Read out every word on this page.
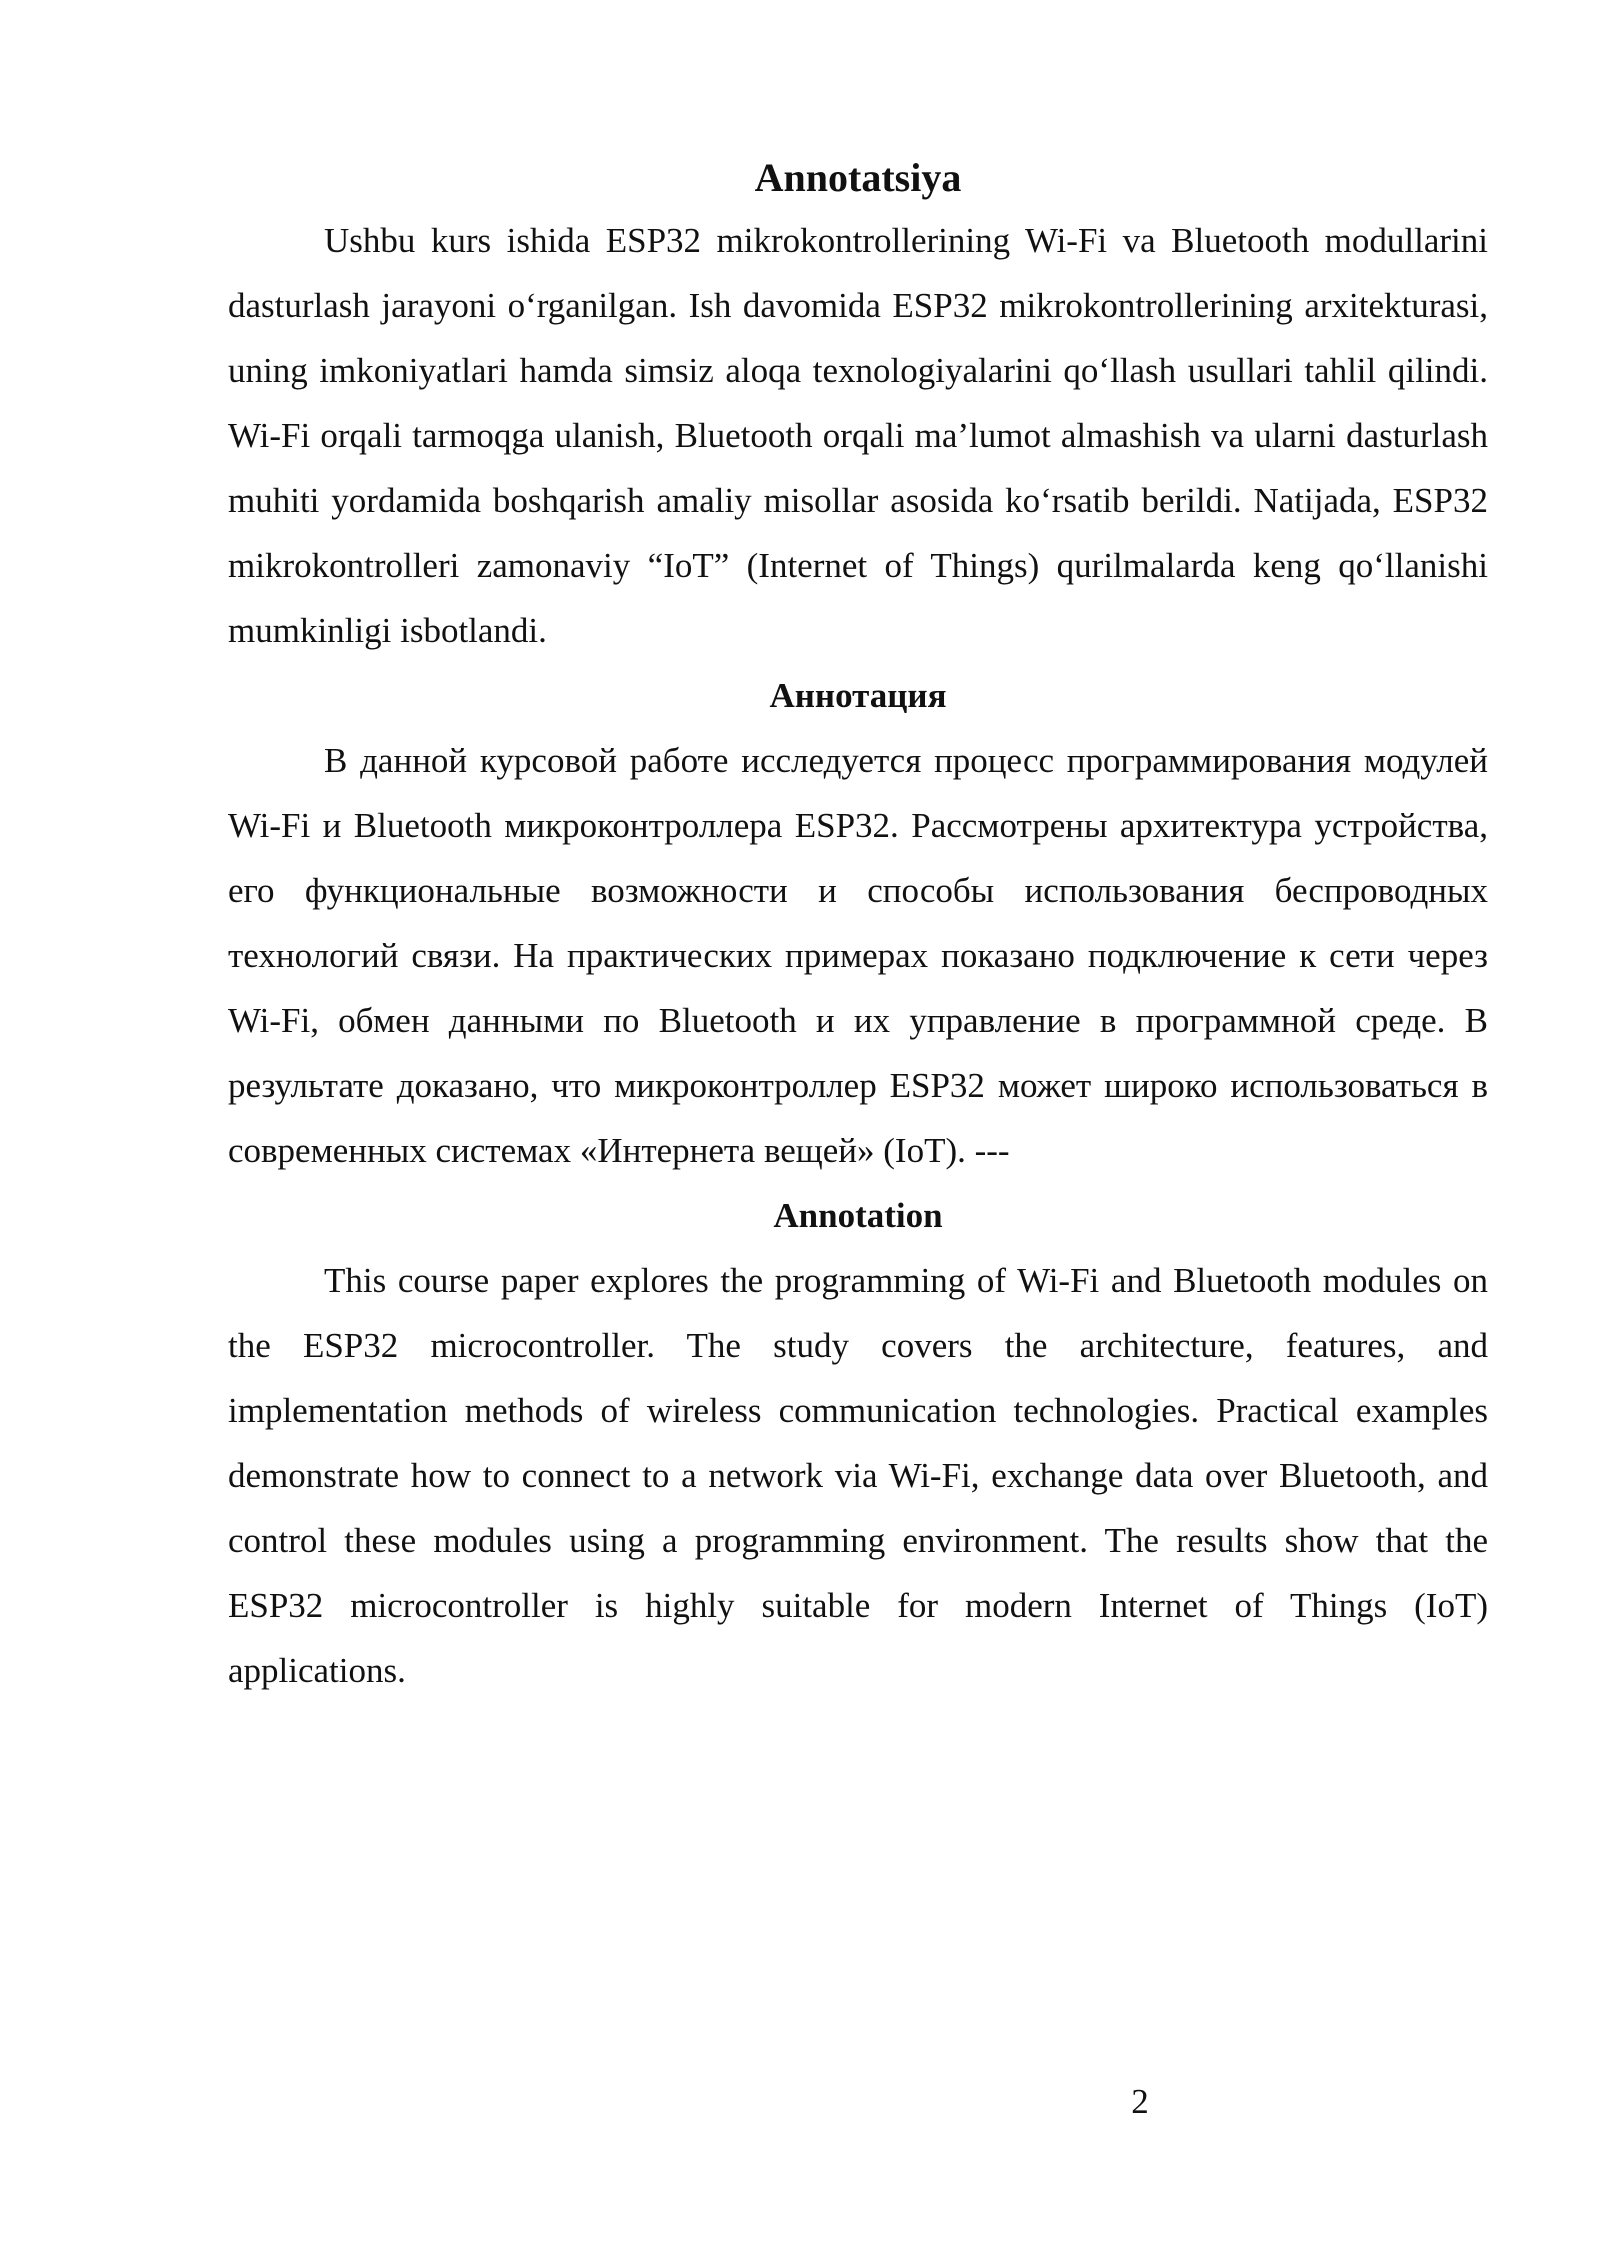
Annotatsiya

Ushbu kurs ishida ESP32 mikrokontrollerining Wi-Fi va Bluetooth modullarini dasturlash jarayoni o‘rganilgan. Ish davomida ESP32 mikrokontrollerining arxitekturasi, uning imkoniyatlari hamda simsiz aloqa texnologiyalarini qo‘llash usullari tahlil qilindi. Wi-Fi orqali tarmoqga ulanish, Bluetooth orqali ma’lumot almashish va ularni dasturlash muhiti yordamida boshqarish amaliy misollar asosida ko‘rsatib berildi. Natijada, ESP32 mikrokontrolleri zamonaviy “IoT” (Internet of Things) qurilmalarda keng qo‘llanishi mumkinligi isbotlandi.

Аннотация

В данной курсовой работе исследуется процесс программирования модулей Wi-Fi и Bluetooth микроконтроллера ESP32. Рассмотрены архитектура устройства, его функциональные возможности и способы использования беспроводных технологий связи. На практических примерах показано подключение к сети через Wi-Fi, обмен данными по Bluetooth и их управление в программной среде. В результате доказано, что микроконтроллер ESP32 может широко использоваться в современных системах «Интернета вещей» (IoT). ---

Annotation

This course paper explores the programming of Wi-Fi and Bluetooth modules on the ESP32 microcontroller. The study covers the architecture, features, and implementation methods of wireless communication technologies. Practical examples demonstrate how to connect to a network via Wi-Fi, exchange data over Bluetooth, and control these modules using a programming environment. The results show that the ESP32 microcontroller is highly suitable for modern Internet of Things (IoT) applications.

2
